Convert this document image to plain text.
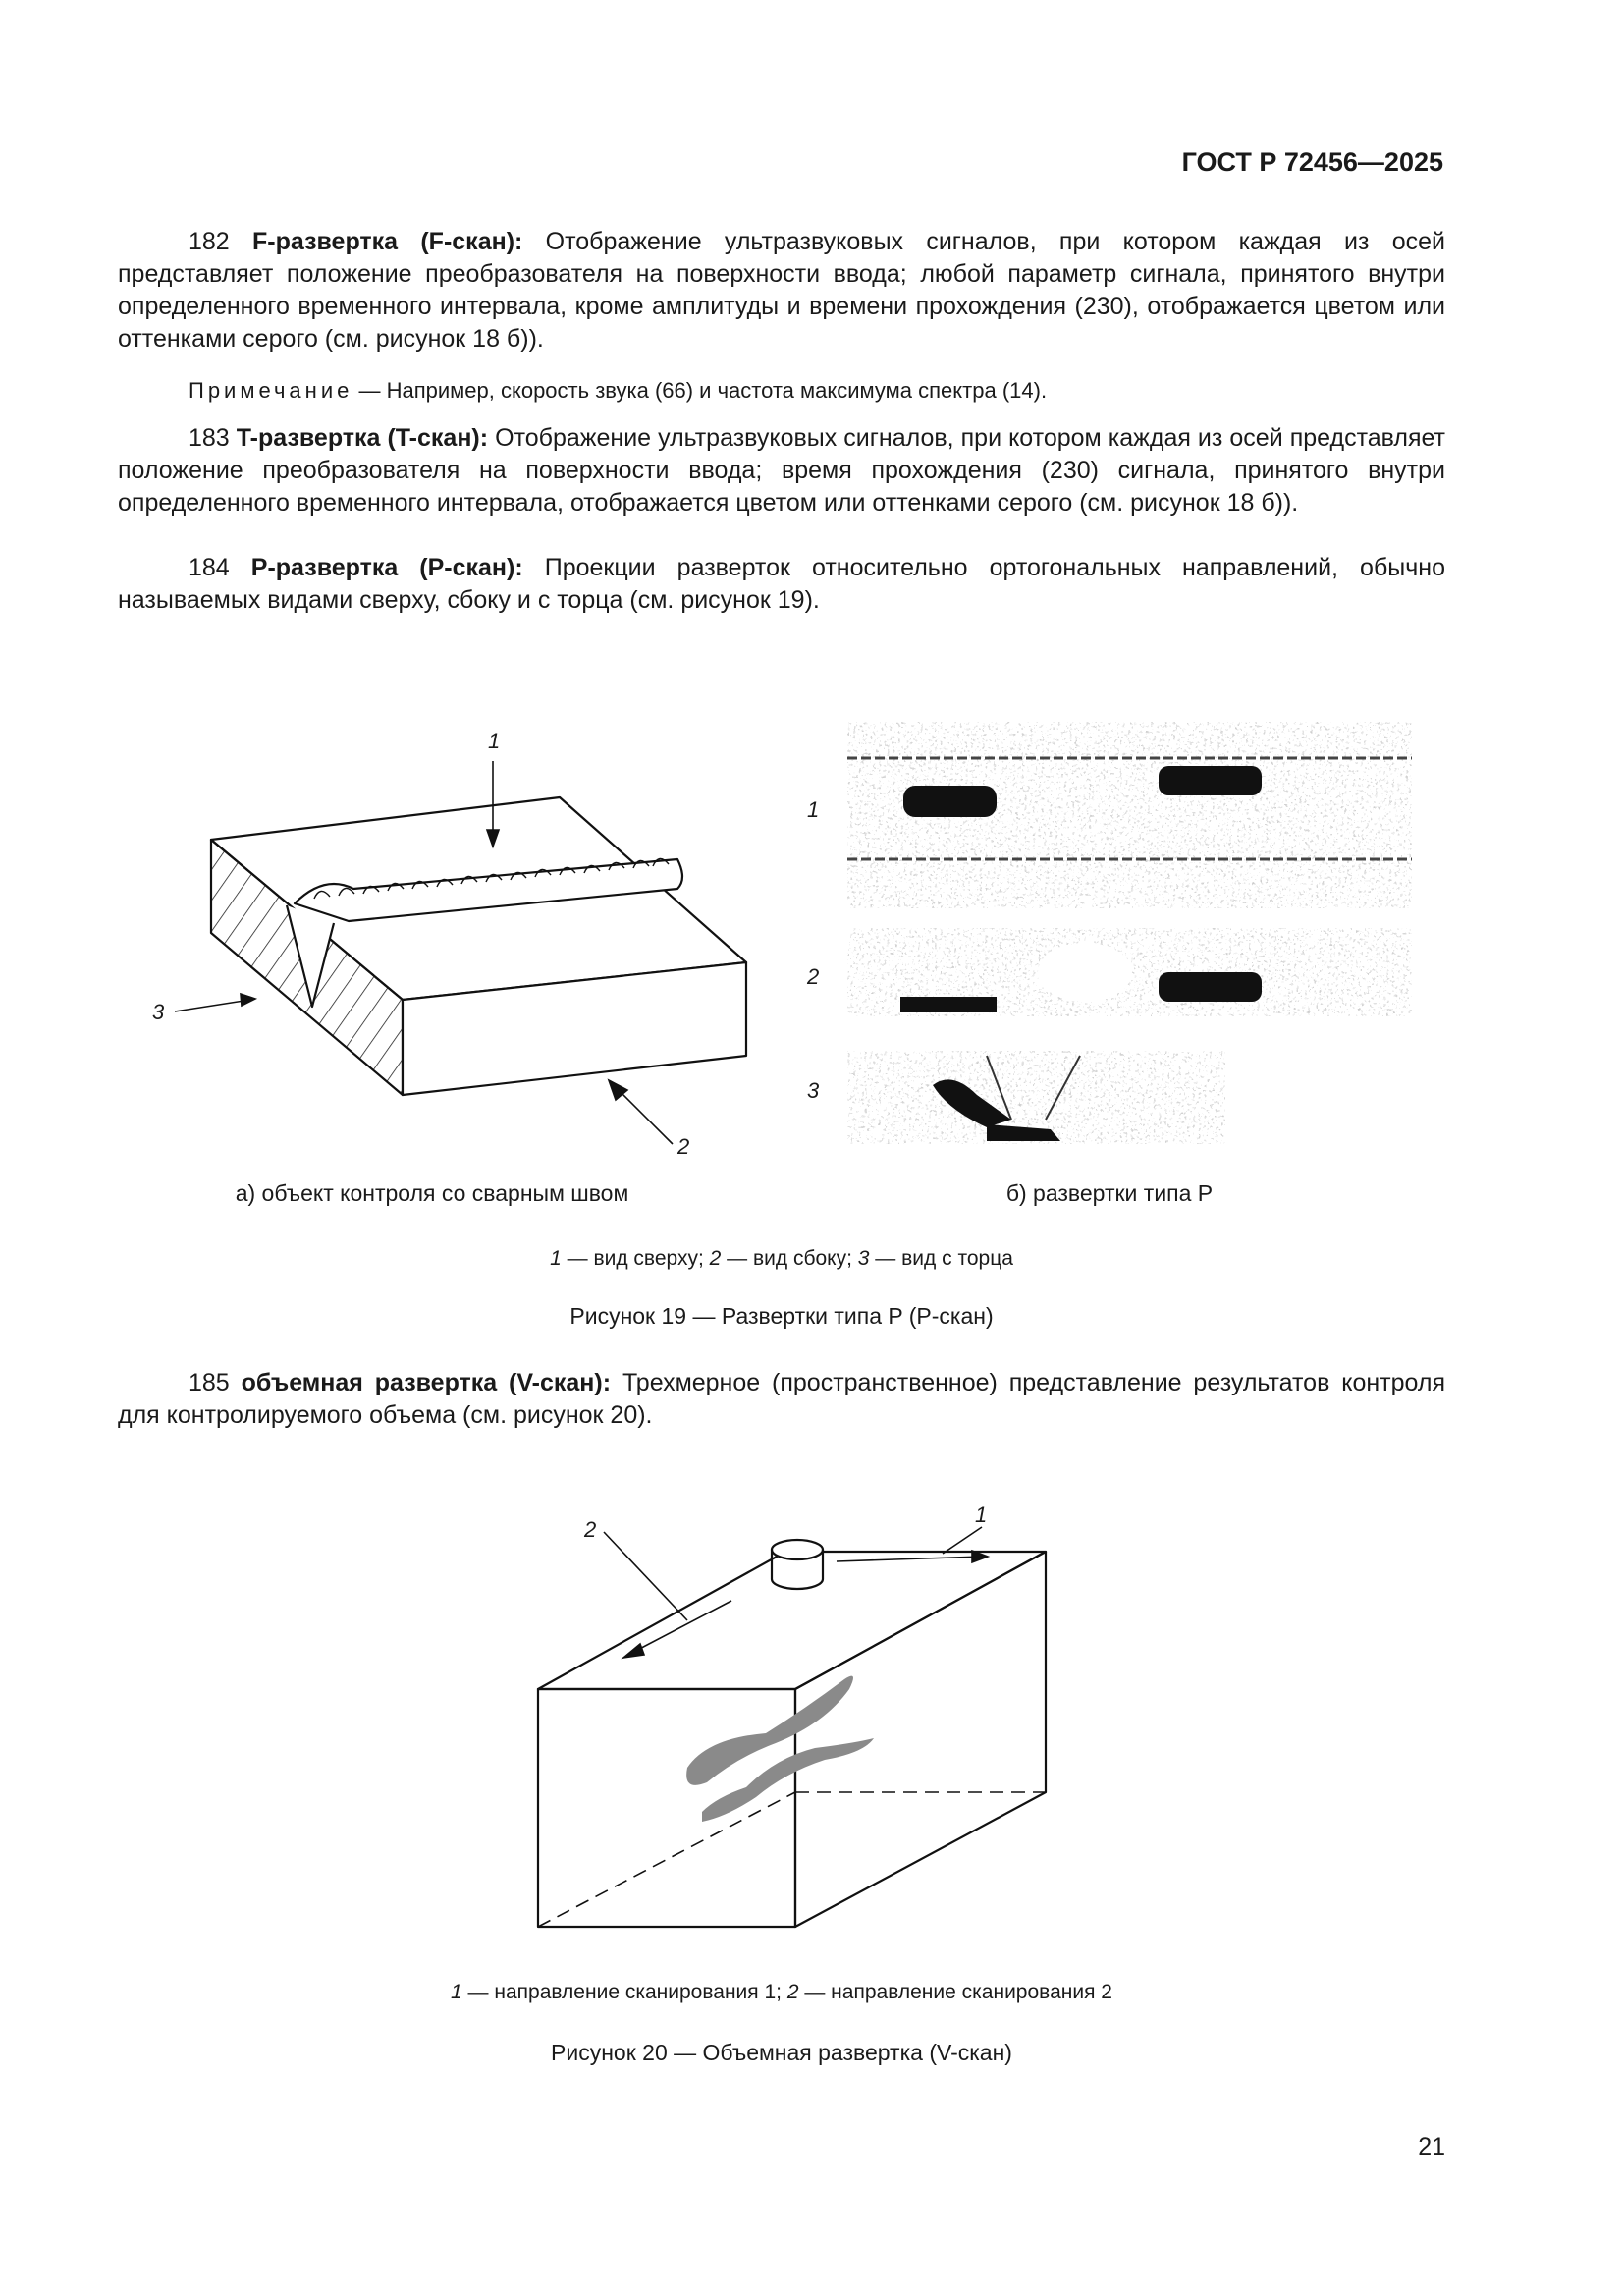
ГОСТ Р 72456—2025

182 F-развертка (F-скан): Отображение ультразвуковых сигналов, при котором каждая из осей представляет положение преобразователя на поверхности ввода; любой параметр сигнала, принятого внутри определенного временного интервала, кроме амплитуды и времени прохождения (230), отображается цветом или оттенками серого (см. рисунок 18 б)).

Примечание — Например, скорость звука (66) и частота максимума спектра (14).

183 T-развертка (T-скан): Отображение ультразвуковых сигналов, при котором каждая из осей представляет положение преобразователя на поверхности ввода; время прохождения (230) сигнала, принятого внутри определенного временного интервала, отображается цветом или оттенками серого (см. рисунок 18 б)).

184 P-развертка (P-скан): Проекции разверток относительно ортогональных направлений, обычно называемых видами сверху, сбоку и с торца (см. рисунок 19).

1
3
2
1
2
3
а) объект контроля со сварным швом	б) развертки типа P
1 — вид сверху; 2 — вид сбоку; 3 — вид с торца
Рисунок 19 — Развертки типа P (P-скан)

185 объемная развертка (V-скан): Трехмерное (пространственное) представление результатов контроля для контролируемого объема (см. рисунок 20).

1
2
1 — направление сканирования 1; 2 — направление сканирования 2
Рисунок 20 — Объемная развертка (V-скан)
21
